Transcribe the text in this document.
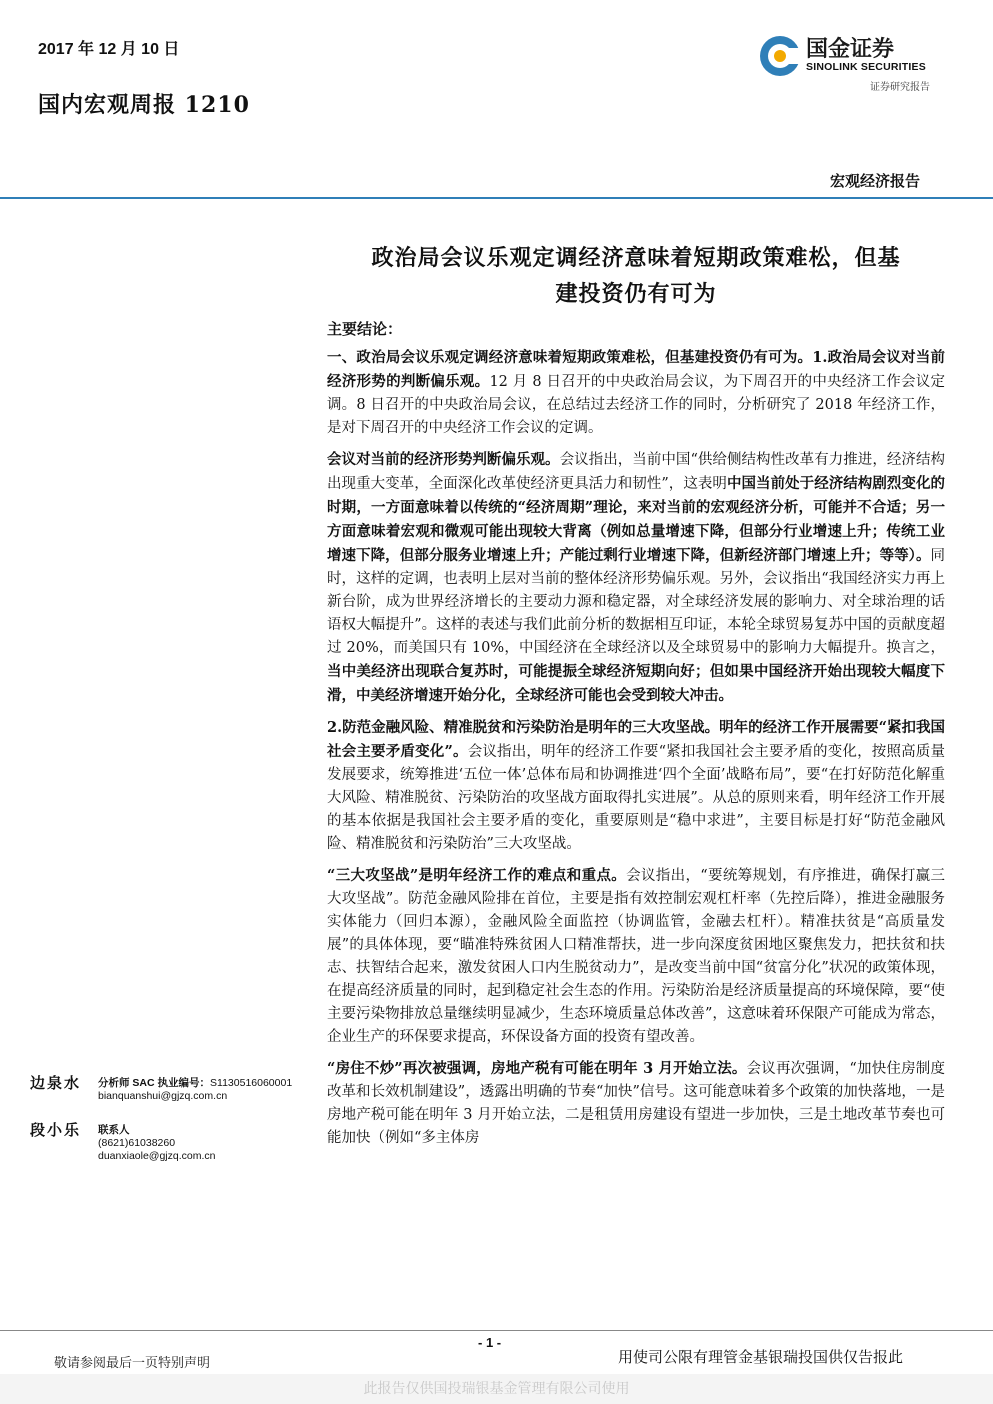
2017 年 12 月 10 日
国内宏观周报 1210
国金证券
SINOLINK SECURITIES
证券研究报告
宏观经济报告
政治局会议乐观定调经济意味着短期政策难松，但基
建投资仍有可为
主要结论：

一、政治局会议乐观定调经济意味着短期政策难松，但基建投资仍有可为。1.政治局会议对当前经济形势的判断偏乐观。12 月 8 日召开的中央政治局会议，为下周召开的中央经济工作会议定调。8 日召开的中央政治局会议，在总结过去经济工作的同时，分析研究了 2018 年经济工作，是对下周召开的中央经济工作会议的定调。

会议对当前的经济形势判断偏乐观。会议指出，当前中国“供给侧结构性改革有力推进，经济结构出现重大变革，全面深化改革使经济更具活力和韧性”，这表明中国当前处于经济结构剧烈变化的时期，一方面意味着以传统的“经济周期”理论，来对当前的宏观经济分析，可能并不合适；另一方面意味着宏观和微观可能出现较大背离（例如总量增速下降，但部分行业增速上升；传统工业增速下降，但部分服务业增速上升；产能过剩行业增速下降，但新经济部门增速上升；等等）。同时，这样的定调，也表明上层对当前的整体经济形势偏乐观。另外，会议指出“我国经济实力再上新台阶，成为世界经济增长的主要动力源和稳定器，对全球经济发展的影响力、对全球治理的话语权大幅提升”。这样的表述与我们此前分析的数据相互印证，本轮全球贸易复苏中国的贡献度超过 20%，而美国只有 10%，中国经济在全球经济以及全球贸易中的影响力大幅提升。换言之，当中美经济出现联合复苏时，可能提振全球经济短期向好；但如果中国经济开始出现较大幅度下滑，中美经济增速开始分化，全球经济可能也会受到较大冲击。

2.防范金融风险、精准脱贫和污染防治是明年的三大攻坚战。明年的经济工作开展需要“紧扣我国社会主要矛盾变化”。会议指出，明年的经济工作要“紧扣我国社会主要矛盾的变化，按照高质量发展要求，统筹推进‘五位一体’总体布局和协调推进‘四个全面’战略布局”，要“在打好防范化解重大风险、精准脱贫、污染防治的攻坚战方面取得扎实进展”。从总的原则来看，明年经济工作开展的基本依据是我国社会主要矛盾的变化，重要原则是“稳中求进”，主要目标是打好“防范金融风险、精准脱贫和污染防治”三大攻坚战。

“三大攻坚战”是明年经济工作的难点和重点。会议指出，“要统筹规划，有序推进，确保打赢三大攻坚战”。防范金融风险排在首位，主要是指有效控制宏观杠杆率（先控后降），推进金融服务实体能力（回归本源），金融风险全面监控（协调监管，金融去杠杆）。精准扶贫是“高质量发展”的具体体现，要“瞄准特殊贫困人口精准帮扶，进一步向深度贫困地区聚焦发力，把扶贫和扶志、扶智结合起来，激发贫困人口内生脱贫动力”，是改变当前中国“贫富分化”状况的政策体现，在提高经济质量的同时，起到稳定社会生态的作用。污染防治是经济质量提高的环境保障，要“使主要污染物排放总量继续明显减少，生态环境质量总体改善”，这意味着环保限产可能成为常态，企业生产的环保要求提高，环保设备方面的投资有望改善。

“房住不炒”再次被强调，房地产税有可能在明年 3 月开始立法。会议再次强调，“加快住房制度改革和长效机制建设”，透露出明确的节奏“加快”信号。这可能意味着多个政策的加快落地，一是房地产税可能在明年 3 月开始立法，二是租赁用房建设有望进一步加快，三是土地改革节奏也可能加快（例如“多主体房

边泉水 分析师 SAC 执业编号：S1130516060001
bianquanshui@gjzq.com.cn
段小乐 联系人
(8621)61038260
duanxiaole@gjzq.com.cn
- 1 -
敬请参阅最后一页特别声明	用使司公限有理管金基银瑞投国供仅告报此
此报告仅供国投瑞银基金管理有限公司使用
